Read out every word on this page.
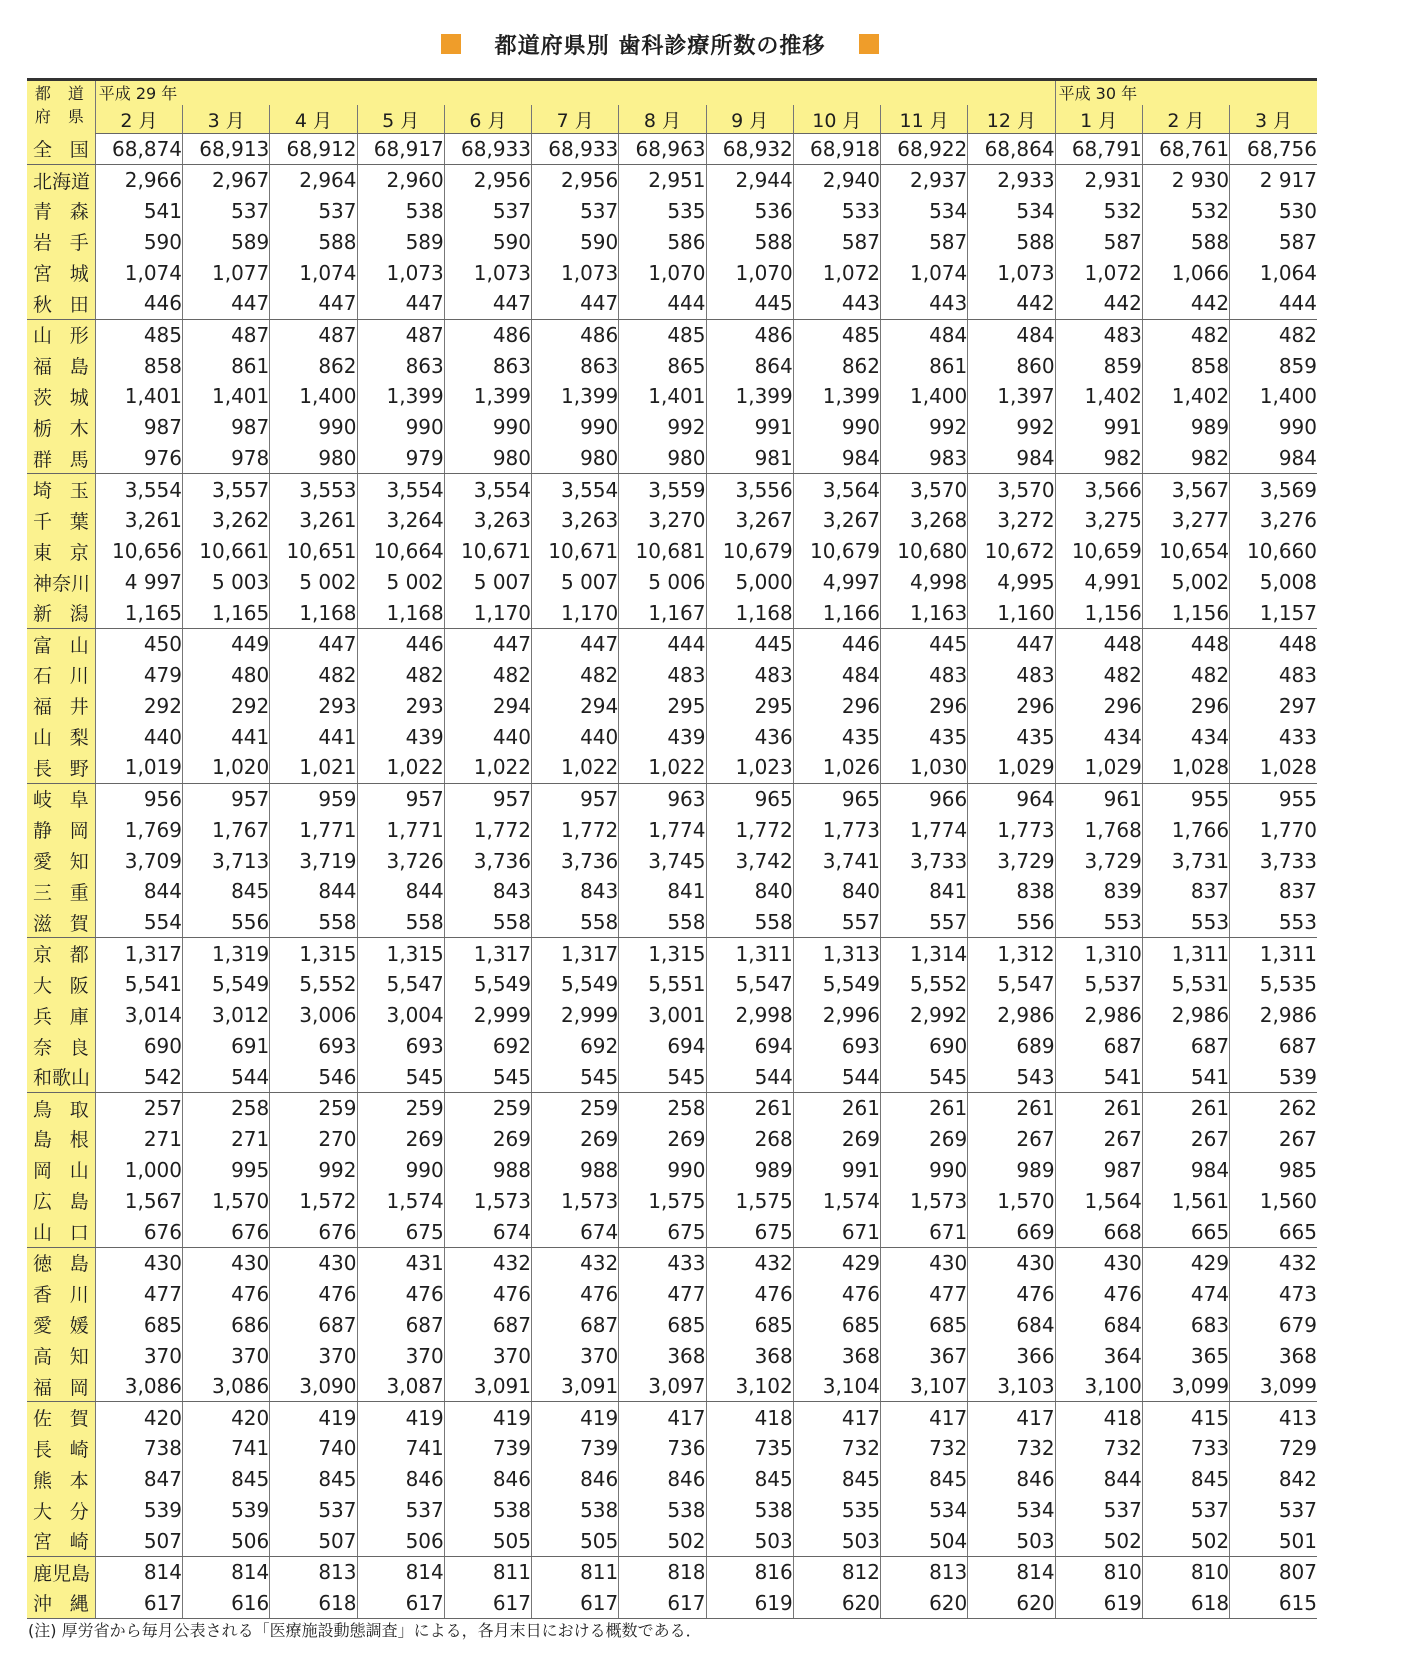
都道府県別 歯科診療所数の推移
都 道
府 県	平成 29 年											平成 30 年		
	2 月	3 月	4 月	5 月	6 月	7 月	8 月	9 月	10 月	11 月	12 月	1 月	2 月	3 月
全 国	68,874	68,913	68,912	68,917	68,933	68,933	68,963	68,932	68,918	68,922	68,864	68,791	68,761	68,756
北海道	2,966	2,967	2,964	2,960	2,956	2,956	2,951	2,944	2,940	2,937	2,933	2,931	2 930	2 917
青 森	541	537	537	538	537	537	535	536	533	534	534	532	532	530
岩 手	590	589	588	589	590	590	586	588	587	587	588	587	588	587
宮 城	1,074	1,077	1,074	1,073	1,073	1,073	1,070	1,070	1,072	1,074	1,073	1,072	1,066	1,064
秋 田	446	447	447	447	447	447	444	445	443	443	442	442	442	444
山 形	485	487	487	487	486	486	485	486	485	484	484	483	482	482
福 島	858	861	862	863	863	863	865	864	862	861	860	859	858	859
茨 城	1,401	1,401	1,400	1,399	1,399	1,399	1,401	1,399	1,399	1,400	1,397	1,402	1,402	1,400
栃 木	987	987	990	990	990	990	992	991	990	992	992	991	989	990
群 馬	976	978	980	979	980	980	980	981	984	983	984	982	982	984
埼 玉	3,554	3,557	3,553	3,554	3,554	3,554	3,559	3,556	3,564	3,570	3,570	3,566	3,567	3,569
千 葉	3,261	3,262	3,261	3,264	3,263	3,263	3,270	3,267	3,267	3,268	3,272	3,275	3,277	3,276
東 京	10,656	10,661	10,651	10,664	10,671	10,671	10,681	10,679	10,679	10,680	10,672	10,659	10,654	10,660
神奈川	4 997	5 003	5 002	5 002	5 007	5 007	5 006	5,000	4,997	4,998	4,995	4,991	5,002	5,008
新 潟	1,165	1,165	1,168	1,168	1,170	1,170	1,167	1,168	1,166	1,163	1,160	1,156	1,156	1,157
富 山	450	449	447	446	447	447	444	445	446	445	447	448	448	448
石 川	479	480	482	482	482	482	483	483	484	483	483	482	482	483
福 井	292	292	293	293	294	294	295	295	296	296	296	296	296	297
山 梨	440	441	441	439	440	440	439	436	435	435	435	434	434	433
長 野	1,019	1,020	1,021	1,022	1,022	1,022	1,022	1,023	1,026	1,030	1,029	1,029	1,028	1,028
岐 阜	956	957	959	957	957	957	963	965	965	966	964	961	955	955
静 岡	1,769	1,767	1,771	1,771	1,772	1,772	1,774	1,772	1,773	1,774	1,773	1,768	1,766	1,770
愛 知	3,709	3,713	3,719	3,726	3,736	3,736	3,745	3,742	3,741	3,733	3,729	3,729	3,731	3,733
三 重	844	845	844	844	843	843	841	840	840	841	838	839	837	837
滋 賀	554	556	558	558	558	558	558	558	557	557	556	553	553	553
京 都	1,317	1,319	1,315	1,315	1,317	1,317	1,315	1,311	1,313	1,314	1,312	1,310	1,311	1,311
大 阪	5,541	5,549	5,552	5,547	5,549	5,549	5,551	5,547	5,549	5,552	5,547	5,537	5,531	5,535
兵 庫	3,014	3,012	3,006	3,004	2,999	2,999	3,001	2,998	2,996	2,992	2,986	2,986	2,986	2,986
奈 良	690	691	693	693	692	692	694	694	693	690	689	687	687	687
和歌山	542	544	546	545	545	545	545	544	544	545	543	541	541	539
鳥 取	257	258	259	259	259	259	258	261	261	261	261	261	261	262
島 根	271	271	270	269	269	269	269	268	269	269	267	267	267	267
岡 山	1,000	995	992	990	988	988	990	989	991	990	989	987	984	985
広 島	1,567	1,570	1,572	1,574	1,573	1,573	1,575	1,575	1,574	1,573	1,570	1,564	1,561	1,560
山 口	676	676	676	675	674	674	675	675	671	671	669	668	665	665
徳 島	430	430	430	431	432	432	433	432	429	430	430	430	429	432
香 川	477	476	476	476	476	476	477	476	476	477	476	476	474	473
愛 媛	685	686	687	687	687	687	685	685	685	685	684	684	683	679
高 知	370	370	370	370	370	370	368	368	368	367	366	364	365	368
福 岡	3,086	3,086	3,090	3,087	3,091	3,091	3,097	3,102	3,104	3,107	3,103	3,100	3,099	3,099
佐 賀	420	420	419	419	419	419	417	418	417	417	417	418	415	413
長 崎	738	741	740	741	739	739	736	735	732	732	732	732	733	729
熊 本	847	845	845	846	846	846	846	845	845	845	846	844	845	842
大 分	539	539	537	537	538	538	538	538	535	534	534	537	537	537
宮 崎	507	506	507	506	505	505	502	503	503	504	503	502	502	501
鹿児島	814	814	813	814	811	811	818	816	812	813	814	810	810	807
沖 縄	617	616	618	617	617	617	617	619	620	620	620	619	618	615
(注) 厚労省から毎月公表される「医療施設動態調査」による，各月末日における概数である．
